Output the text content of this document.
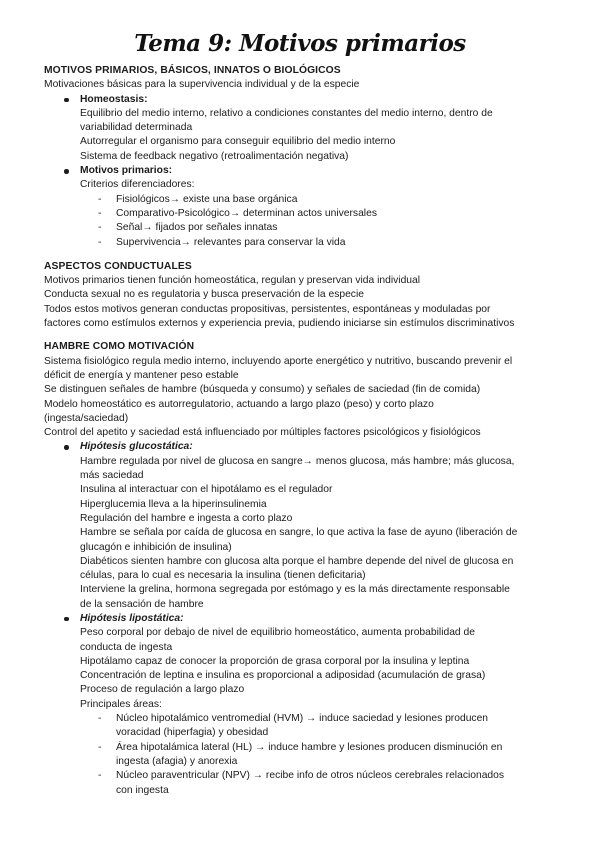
Tema 9: Motivos primarios
MOTIVOS PRIMARIOS, BÁSICOS, INNATOS O BIOLÓGICOS
Motivaciones básicas para la supervivencia individual y de la especie
Homeostasis:
Equilibrio del medio interno, relativo a condiciones constantes del medio interno, dentro de
variabilidad determinada
Autorregular el organismo para conseguir equilibrio del medio interno
Sistema de feedback negativo (retroalimentación negativa)
Motivos primarios:
Criterios diferenciadores:
- Fisiológicos→ existe una base orgánica
- Comparativo-Psicológico→ determinan actos universales
- Señal→ fijados por señales innatas
- Supervivencia→ relevantes para conservar la vida
ASPECTOS CONDUCTUALES
Motivos primarios tienen función homeostática, regulan y preservan vida individual
Conducta sexual no es regulatoria y busca preservación de la especie
Todos estos motivos generan conductas propositivas, persistentes, espontáneas y moduladas por
factores como estímulos externos y experiencia previa, pudiendo iniciarse sin estímulos discriminativos
HAMBRE COMO MOTIVACIÓN
Sistema fisiológico regula medio interno, incluyendo aporte energético y nutritivo, buscando prevenir el
déficit de energía y mantener peso estable
Se distinguen señales de hambre (búsqueda y consumo) y señales de saciedad (fin de comida)
Modelo homeostático es autorregulatorio, actuando a largo plazo (peso) y corto plazo
(ingesta/saciedad)
Control del apetito y saciedad está influenciado por múltiples factores psicológicos y fisiológicos
Hipótesis glucostática:
Hambre regulada por nivel de glucosa en sangre→ menos glucosa, más hambre; más glucosa,
más saciedad
Insulina al interactuar con el hipotálamo es el regulador
Hiperglucemia lleva a la hiperinsulinemia
Regulación del hambre e ingesta a corto plazo
Hambre se señala por caída de glucosa en sangre, lo que activa la fase de ayuno (liberación de
glucagón e inhibición de insulina)
Diabéticos sienten hambre con glucosa alta porque el hambre depende del nivel de glucosa en
células, para lo cual es necesaria la insulina (tienen deficitaria)
Interviene la grelina, hormona segregada por estómago y es la más directamente responsable
de la sensación de hambre
Hipótesis lipostática:
Peso corporal por debajo de nivel de equilibrio homeostático, aumenta probabilidad de
conducta de ingesta
Hipotálamo capaz de conocer la proporción de grasa corporal por la insulina y leptina
Concentración de leptina e insulina es proporcional a adiposidad (acumulación de grasa)
Proceso de regulación a largo plazo
Principales áreas:
- Núcleo hipotalámico ventromedial (HVM) → induce saciedad y lesiones producen
voracidad (hiperfagia) y obesidad
- Área hipotalámica lateral (HL) → induce hambre y lesiones producen disminución en
ingesta (afagia) y anorexia
- Núcleo paraventricular (NPV) → recibe info de otros núcleos cerebrales relacionados
con ingesta
